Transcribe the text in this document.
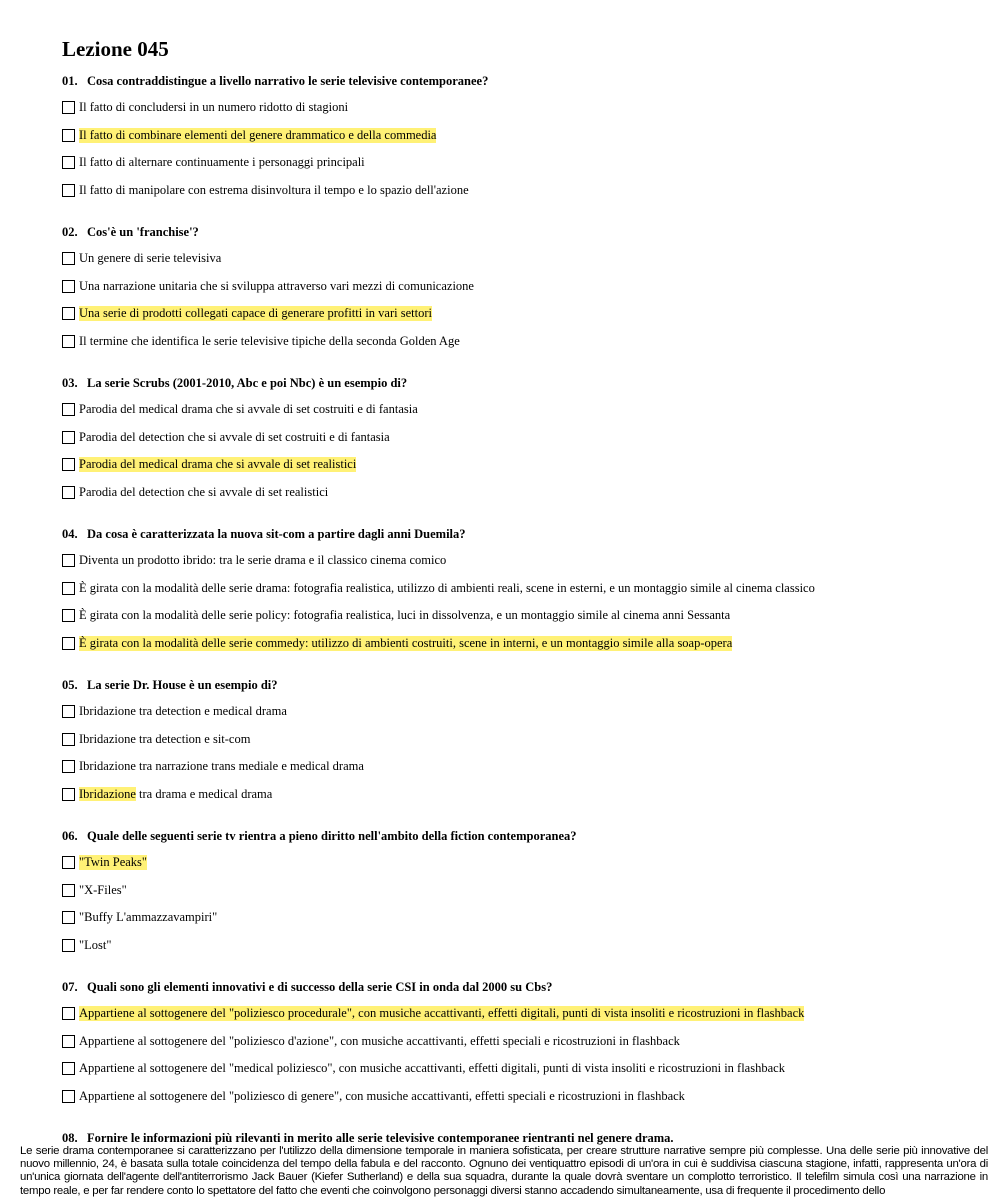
Lezione 045

01. Cosa contraddistingue a livello narrativo le serie televisive contemporanee?

Il fatto di concludersi in un numero ridotto di stagioni
Il fatto di combinare elementi del genere drammatico e della commedia
Il fatto di alternare continuamente i personaggi principali
Il fatto di manipolare con estrema disinvoltura il tempo e lo spazio dell'azione

02. Cos'è un 'franchise'?

Un genere di serie televisiva
Una narrazione unitaria che si sviluppa attraverso vari mezzi di comunicazione
Una serie di prodotti collegati capace di generare profitti in vari settori
Il termine che identifica le serie televisive tipiche della seconda Golden Age

03. La serie Scrubs (2001-2010, Abc e poi Nbc) è un esempio di?

Parodia del medical drama che si avvale di set costruiti e di fantasia
Parodia del detection che si avvale di set costruiti e di fantasia
Parodia del medical drama che si avvale di set realistici
Parodia del detection che si avvale di set realistici

04. Da cosa è caratterizzata la nuova sit-com a partire dagli anni Duemila?

Diventa un prodotto ibrido: tra le serie drama e il classico cinema comico
È girata con la modalità delle serie drama: fotografia realistica, utilizzo di ambienti reali, scene in esterni, e un montaggio simile al cinema classico
È girata con la modalità delle serie policy: fotografia realistica, luci in dissolvenza, e un montaggio simile al cinema anni Sessanta
È girata con la modalità delle serie commedy: utilizzo di ambienti costruiti, scene in interni, e un montaggio simile alla soap-opera

05. La serie Dr. House è un esempio di?

Ibridazione tra detection e medical drama
Ibridazione tra detection e sit-com
Ibridazione tra narrazione trans mediale e medical drama
Ibridazione tra drama e medical drama

06. Quale delle seguenti serie tv rientra a pieno diritto nell'ambito della fiction contemporanea?

"Twin Peaks"
"X-Files"
"Buffy L'ammazzavampiri"
"Lost"

07. Quali sono gli elementi innovativi e di successo della serie CSI in onda dal 2000 su Cbs?

Appartiene al sottogenere del "poliziesco procedurale", con musiche accattivanti, effetti digitali, punti di vista insoliti e ricostruzioni in flashback
Appartiene al sottogenere del "poliziesco d'azione", con musiche accattivanti, effetti speciali e ricostruzioni in flashback
Appartiene al sottogenere del "medical poliziesco", con musiche accattivanti, effetti digitali, punti di vista insoliti e ricostruzioni in flashback
Appartiene al sottogenere del "poliziesco di genere", con musiche accattivanti, effetti speciali e ricostruzioni in flashback

08. Fornire le informazioni più rilevanti in merito alle serie televisive contemporanee rientranti nel genere drama.

Le serie drama contemporanee si caratterizzano per l'utilizzo della dimensione temporale in maniera sofisticata, per creare strutture narrative sempre più complesse. Una delle serie più innovative del nuovo millennio, 24, è basata sulla totale coincidenza del tempo della fabula e del racconto. Ognuno dei ventiquattro episodi di un'ora in cui è suddivisa ciascuna stagione, infatti, rappresenta un'ora di un'unica giornata dell'agente dell'antiterrorismo Jack Bauer (Kiefer Sutherland) e della sua squadra, durante la quale dovrà sventare un complotto terroristico. Il telefilm simula così una narrazione in tempo reale, e per far rendere conto lo spettatore del fatto che eventi che coinvolgono personaggi diversi stanno accadendo simultaneamente, usa di frequente il procedimento dello
